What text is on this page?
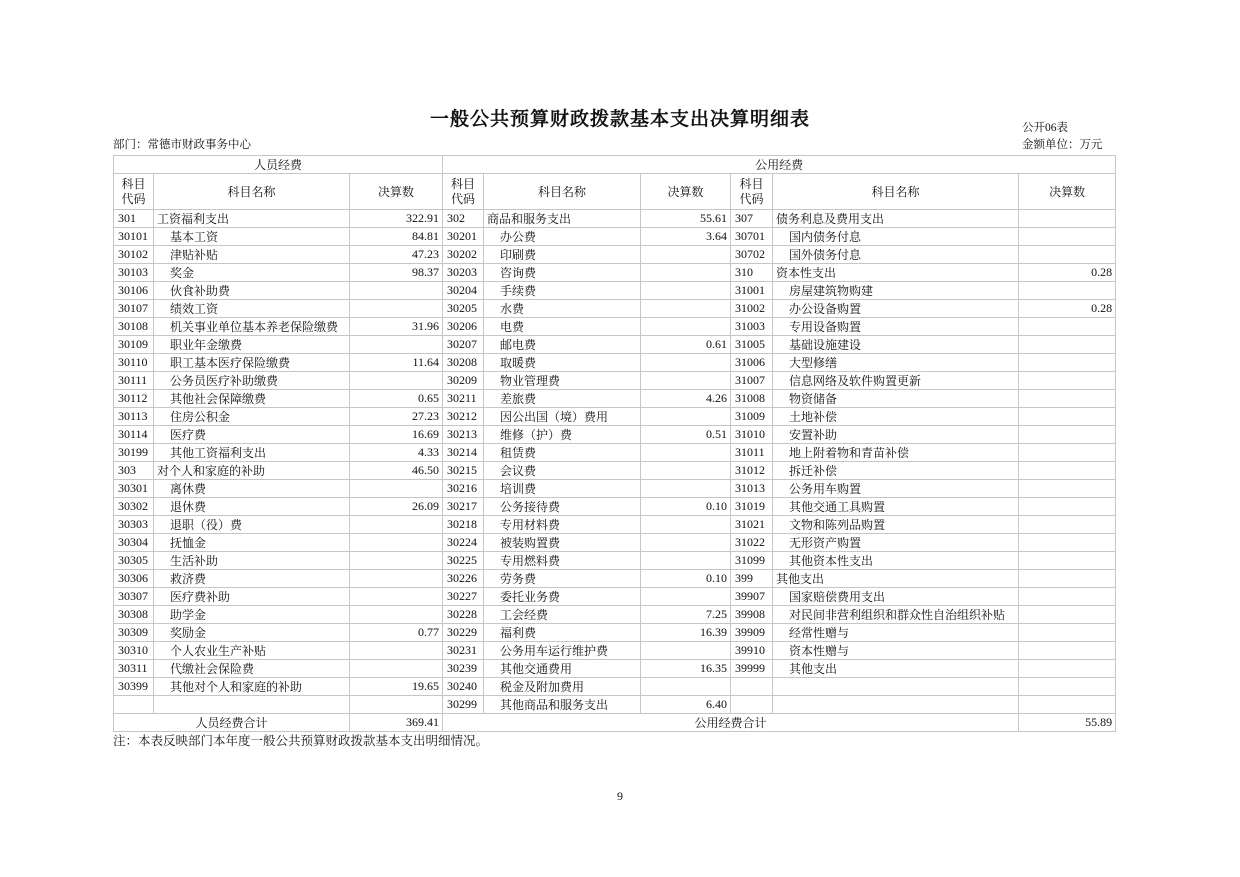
一般公共预算财政拨款基本支出决算明细表	公开06表
部门：常德市财政事务中心	金额单位：万元
人员经费			公用经费					

科目代码	科目名称	决算数	科目代码	科目名称	决算数	科目代码	科目名称	决算数
301	工资福利支出	322.91	302	商品和服务支出	55.61	307	债务利息及费用支出	
30101	基本工资	84.81	30201	办公费	3.64	30701	国内债务付息	
30102	津贴补贴	47.23	30202	印刷费		30702	国外债务付息	
30103	奖金	98.37	30203	咨询费		310	资本性支出	0.28
30106	伙食补助费		30204	手续费		31001	房屋建筑物购建	
30107	绩效工资		30205	水费		31002	办公设备购置	0.28
30108	机关事业单位基本养老保险缴费	31.96	30206	电费		31003	专用设备购置	
30109	职业年金缴费		30207	邮电费	0.61	31005	基础设施建设	
30110	职工基本医疗保险缴费	11.64	30208	取暖费		31006	大型修缮	
30111	公务员医疗补助缴费		30209	物业管理费		31007	信息网络及软件购置更新	
30112	其他社会保障缴费	0.65	30211	差旅费	4.26	31008	物资储备	
30113	住房公积金	27.23	30212	因公出国（境）费用		31009	土地补偿	
30114	医疗费	16.69	30213	维修（护）费	0.51	31010	安置补助	
30199	其他工资福利支出	4.33	30214	租赁费		31011	地上附着物和青苗补偿	
303	对个人和家庭的补助	46.50	30215	会议费		31012	拆迁补偿	
30301	离休费		30216	培训费		31013	公务用车购置	
30302	退休费	26.09	30217	公务接待费	0.10	31019	其他交通工具购置	
30303	退职（役）费		30218	专用材料费		31021	文物和陈列品购置	
30304	抚恤金		30224	被装购置费		31022	无形资产购置	
30305	生活补助		30225	专用燃料费		31099	其他资本性支出	
30306	救济费		30226	劳务费	0.10	399	其他支出	
30307	医疗费补助		30227	委托业务费		39907	国家赔偿费用支出	
30308	助学金		30228	工会经费	7.25	39908	对民间非营利组织和群众性自治组织补贴	
30309	奖励金	0.77	30229	福利费	16.39	39909	经常性赠与	
30310	个人农业生产补贴		30231	公务用车运行维护费		39910	资本性赠与	
30311	代缴社会保险费		30239	其他交通费用	16.35	39999	其他支出	
30399	其他对个人和家庭的补助	19.65	30240	税金及附加费用				
			30299	其他商品和服务支出	6.40			
人员经费合计		369.41	公用经费合计					55.89
注：本表反映部门本年度一般公共预算财政拨款基本支出明细情况。
9
